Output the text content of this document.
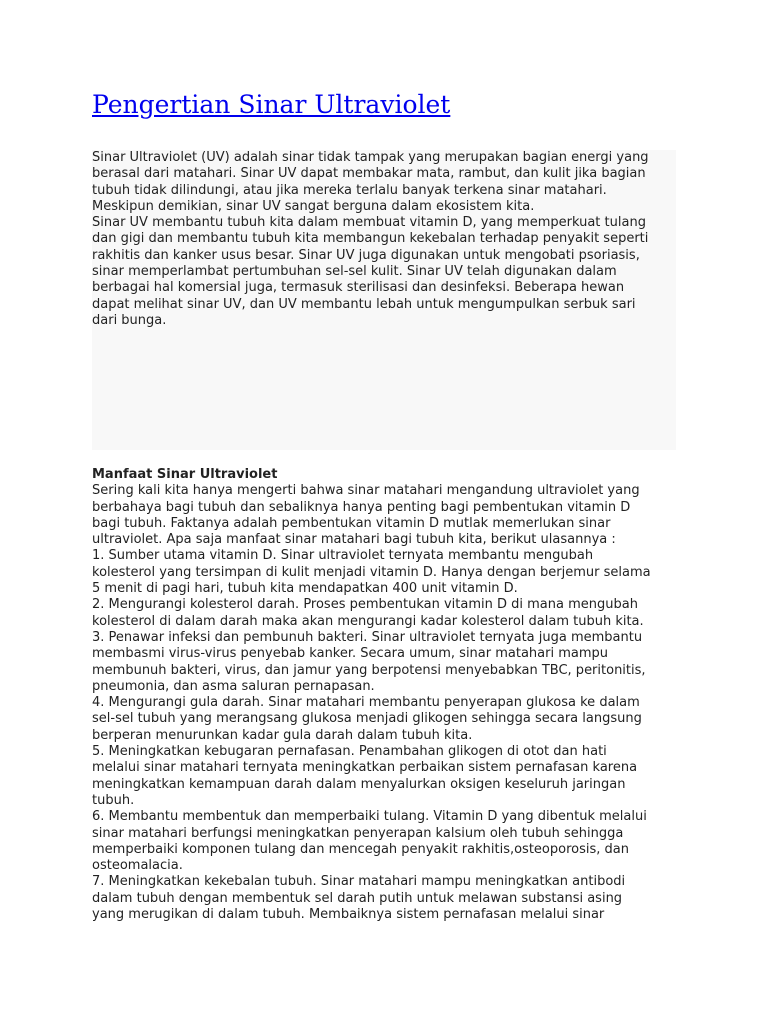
Pengertian Sinar Ultraviolet

Sinar Ultraviolet (UV) adalah sinar tidak tampak yang merupakan bagian energi yang

berasal dari matahari. Sinar UV dapat membakar mata, rambut, dan kulit jika bagian

tubuh tidak dilindungi, atau jika mereka terlalu banyak terkena sinar matahari.

Meskipun demikian, sinar UV sangat berguna dalam ekosistem kita.

Sinar UV membantu tubuh kita dalam membuat vitamin D, yang memperkuat tulang

dan gigi dan membantu tubuh kita membangun kekebalan terhadap penyakit seperti

rakhitis dan kanker usus besar. Sinar UV juga digunakan untuk mengobati psoriasis,

sinar memperlambat pertumbuhan sel-sel kulit. Sinar UV telah digunakan dalam

berbagai hal komersial juga, termasuk sterilisasi dan desinfeksi. Beberapa hewan

dapat melihat sinar UV, dan UV membantu lebah untuk mengumpulkan serbuk sari

dari bunga.

Manfaat Sinar Ultraviolet

Sering kali kita hanya mengerti bahwa sinar matahari mengandung ultraviolet yang

berbahaya bagi tubuh dan sebaliknya hanya penting bagi pembentukan vitamin D

bagi tubuh. Faktanya adalah pembentukan vitamin D mutlak memerlukan sinar

ultraviolet. Apa saja manfaat sinar matahari bagi tubuh kita, berikut ulasannya :

1. Sumber utama vitamin D. Sinar ultraviolet ternyata membantu mengubah

kolesterol yang tersimpan di kulit menjadi vitamin D. Hanya dengan berjemur selama

5 menit di pagi hari, tubuh kita mendapatkan 400 unit vitamin D.

2. Mengurangi kolesterol darah. Proses pembentukan vitamin D di mana mengubah

kolesterol di dalam darah maka akan mengurangi kadar kolesterol dalam tubuh kita.

3. Penawar infeksi dan pembunuh bakteri. Sinar ultraviolet ternyata juga membantu

membasmi virus-virus penyebab kanker. Secara umum, sinar matahari mampu

membunuh bakteri, virus, dan jamur yang berpotensi menyebabkan TBC, peritonitis,

pneumonia, dan asma saluran pernapasan.

4. Mengurangi gula darah. Sinar matahari membantu penyerapan glukosa ke dalam

sel-sel tubuh yang merangsang glukosa menjadi glikogen sehingga secara langsung

berperan menurunkan kadar gula darah dalam tubuh kita.

5. Meningkatkan kebugaran pernafasan. Penambahan glikogen di otot dan hati

melalui sinar matahari ternyata meningkatkan perbaikan sistem pernafasan karena

meningkatkan kemampuan darah dalam menyalurkan oksigen keseluruh jaringan

tubuh.

6. Membantu membentuk dan memperbaiki tulang. Vitamin D yang dibentuk melalui

sinar matahari berfungsi meningkatkan penyerapan kalsium oleh tubuh sehingga

memperbaiki komponen tulang dan mencegah penyakit rakhitis,osteoporosis, dan

osteomalacia.

7. Meningkatkan kekebalan tubuh. Sinar matahari mampu meningkatkan antibodi

dalam tubuh dengan membentuk sel darah putih untuk melawan substansi asing

yang merugikan di dalam tubuh. Membaiknya sistem pernafasan melalui sinar
